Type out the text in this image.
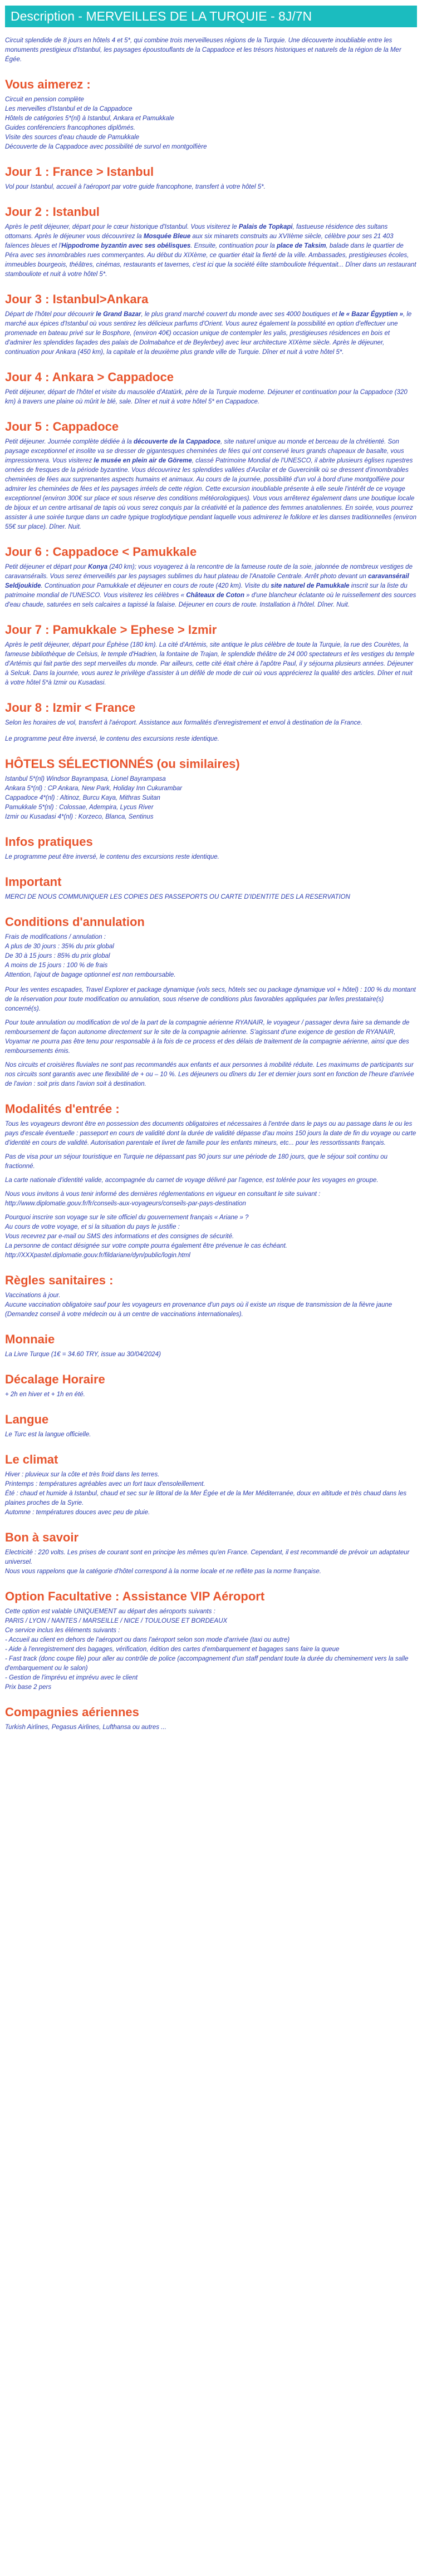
Description - MERVEILLES DE LA TURQUIE - 8J/7N

Circuit splendide de 8 jours en hôtels 4 et 5*, qui combine trois merveilleuses régions de la Turquie. Une découverte inoubliable entre les monuments prestigieux d'Istanbul, les paysages époustouflants de la Cappadoce et les trésors historiques et naturels de la région de la Mer Égée.

Vous aimerez :
Circuit en pension complète
Les merveilles d'Istanbul et de la Cappadoce
Hôtels de catégories 5*(nl) à Istanbul, Ankara et Pamukkale
Guides conférenciers francophones diplômés.
Visite des sources d'eau chaude de Pamukkale
Découverte de la Cappadoce avec possibilité de survol en montgolfière
Jour 1 : France > Istanbul

Vol pour Istanbul, accueil à l'aéroport par votre guide francophone, transfert à votre hôtel 5*.

Jour 2 : Istanbul

Après le petit déjeuner, départ pour le cœur historique d'Istanbul. Vous visiterez le Palais de Topkapi, fastueuse résidence des sultans ottomans. Après le déjeuner vous découvrirez la Mosquée Bleue aux six minarets construits au XVIIème siècle, célèbre pour ses 21 403 faïences bleues et l'Hippodrome byzantin avec ses obélisques. Ensuite, continuation pour la place de Taksim, balade dans le quartier de Péra avec ses innombrables rues commerçantes. Au début du XIXème, ce quartier était la fierté de la ville. Ambassades, prestigieuses écoles, immeubles bourgeois, théâtres, cinémas, restaurants et tavernes, c'est ici que la société élite stambouliote fréquentait... Dîner dans un restaurant stambouliote et nuit à votre hôtel 5*.

Jour 3 : Istanbul>Ankara

Départ de l'hôtel pour découvrir le Grand Bazar, le plus grand marché couvert du monde avec ses 4000 boutiques et le « Bazar Égyptien », le marché aux épices d'Istanbul où vous sentirez les délicieux parfums d'Orient. Vous aurez également la possibilité en option d'effectuer une promenade en bateau privé sur le Bosphore, (environ 40€) occasion unique de contempler les yalis, prestigieuses résidences en bois et d'admirer les splendides façades des palais de Dolmabahce et de Beylerbey) avec leur architecture XIXème siècle. Après le déjeuner, continuation pour Ankara (450 km), la capitale et la deuxième plus grande ville de Turquie. Dîner et nuit à votre hôtel 5*.

Jour 4 : Ankara > Cappadoce

Petit déjeuner, départ de l'hôtel et visite du mausolée d'Atatürk, père de la Turquie moderne. Déjeuner et continuation pour la Cappadoce (320 km) à travers une plaine où mûrit le blé, sale. Dîner et nuit à votre hôtel 5* en Cappadoce.

Jour 5 : Cappadoce

Petit déjeuner. Journée complète dédiée à la découverte de la Cappadoce, site naturel unique au monde et berceau de la chrétienté. Son paysage exceptionnel et insolite va se dresser de gigantesques cheminées de fées qui ont conservé leurs grands chapeaux de basalte, vous impressionnera. Vous visiterez le musée en plein air de Göreme, classé Patrimoine Mondial de l'UNESCO, il abrite plusieurs églises rupestres ornées de fresques de la période byzantine. Vous découvrirez les splendides vallées d'Avcilar et de Guvercinlik où se dressent d'innombrables cheminées de fées aux surprenantes aspects humains et animaux. Au cours de la journée, possibilité d'un vol à bord d'une montgolfière pour admirer les cheminées de fées et les paysages irréels de cette région. Cette excursion inoubliable présente à elle seule l'intérêt de ce voyage exceptionnel (environ 300€ sur place et sous réserve des conditions météorologiques). Vous vous arrêterez également dans une boutique locale de bijoux et un centre artisanal de tapis où vous serez conquis par la créativité et la patience des femmes anatoliennes. En soirée, vous pourrez assister à une soirée turque dans un cadre typique troglodytique pendant laquelle vous admirerez le folklore et les danses traditionnelles (environ 55€ sur place). Dîner. Nuit.

Jour 6 : Cappadoce < Pamukkale

Petit déjeuner et départ pour Konya (240 km); vous voyagerez à la rencontre de la fameuse route de la soie, jalonnée de nombreux vestiges de caravansérails. Vous serez émerveillés par les paysages sublimes du haut plateau de l'Anatolie Centrale. Arrêt photo devant un caravansérail Seldjoukide. Continuation pour Pamukkale et déjeuner en cours de route (420 km). Visite du site naturel de Pamukkale inscrit sur la liste du patrimoine mondial de l'UNESCO. Vous visiterez les célèbres « Châteaux de Coton » d'une blancheur éclatante où le ruissellement des sources d'eau chaude, saturées en sels calcaires a tapissé la falaise. Déjeuner en cours de route. Installation à l'hôtel. Dîner. Nuit.

Jour 7 : Pamukkale > Ephese > Izmir

Après le petit déjeuner, départ pour Éphèse (180 km). La cité d'Artémis, site antique le plus célèbre de toute la Turquie, la rue des Courètes, la fameuse bibliothèque de Celsius, le temple d'Hadrien, la fontaine de Trajan, le splendide théâtre de 24 000 spectateurs et les vestiges du temple d'Artémis qui fait partie des sept merveilles du monde. Par ailleurs, cette cité était chère à l'apôtre Paul, il y séjourna plusieurs années. Déjeuner à Selcuk. Dans la journée, vous aurez le privilège d'assister à un défilé de mode de cuir où vous apprécierez la qualité des articles. Dîner et nuit à votre hôtel 5*à Izmir ou Kusadasi.

Jour 8 : Izmir < France

Selon les horaires de vol, transfert à l'aéroport. Assistance aux formalités d'enregistrement et envol à destination de la France.

Le programme peut être inversé, le contenu des excursions reste identique.

HÔTELS SÉLECTIONNÉS (ou similaires)
Istanbul 5*(nl) Windsor Bayrampasa, Lionel Bayrampasa
Ankara 5*(nl) : CP Ankara, New Park, Holiday Inn Cukurambar
Cappadoce 4*(nl) : Altinoz, Burcu Kaya, Mithras Suitan
Pamukkale 5*(nl) : Colossae, Adempira, Lycus River
Izmir ou Kusadasi 4*(nl) : Korzeco, Blanca, Sentinus
Infos pratiques

Le programme peut être inversé, le contenu des excursions reste identique.

Important

MERCI DE NOUS COMMUNIQUER LES COPIES DES PASSEPORTS OU CARTE D'IDENTITE DES LA RESERVATION

Conditions d'annulation
Frais de modifications / annulation :
A plus de 30 jours : 35% du prix global
De 30 à 15 jours : 85% du prix global
A moins de 15 jours : 100 % de frais
Attention, l'ajout de bagage optionnel est non remboursable.

Pour les ventes escapades, Travel Explorer et package dynamique (vols secs, hôtels sec ou package dynamique vol + hôtel) : 100 % du montant de la réservation pour toute modification ou annulation, sous réserve de conditions plus favorables appliquées par le/les prestataire(s) concerné(s).

Pour toute annulation ou modification de vol de la part de la compagnie aérienne RYANAIR, le voyageur / passager devra faire sa demande de remboursement de façon autonome directement sur le site de la compagnie aérienne. S'agissant d'une exigence de gestion de RYANAIR, Voyamar ne pourra pas être tenu pour responsable à la fois de ce process et des délais de traitement de la compagnie aérienne, ainsi que des remboursements émis.

Nos circuits et croisières fluviales ne sont pas recommandés aux enfants et aux personnes à mobilité réduite. Les maximums de participants sur nos circuits sont garantis avec une flexibilité de + ou – 10 %. Les déjeuners ou dîners du 1er et dernier jours sont en fonction de l'heure d'arrivée de l'avion : soit pris dans l'avion soit à destination.

Modalités d'entrée :

Tous les voyageurs devront être en possession des documents obligatoires et nécessaires à l'entrée dans le pays ou au passage dans le ou les pays d'escale éventuelle : passeport en cours de validité dont la durée de validité dépasse d'au moins 150 jours la date de fin du voyage ou carte d'identité en cours de validité. Autorisation parentale et livret de famille pour les enfants mineurs, etc... pour les ressortissants français.

Pas de visa pour un séjour touristique en Turquie ne dépassant pas 90 jours sur une période de 180 jours, que le séjour soit continu ou fractionné.

La carte nationale d'identité valide, accompagnée du carnet de voyage délivré par l'agence, est tolérée pour les voyages en groupe.

Nous vous invitons à vous tenir informé des dernières réglementations en vigueur en consultant le site suivant : http://www.diplomatie.gouv.fr/fr/conseils-aux-voyageurs/conseils-par-pays-destination

Pourquoi inscrire son voyage sur le site officiel du gouvernement français « Ariane » ?
Au cours de votre voyage, et si la situation du pays le justifie :
Vous recevrez par e-mail ou SMS des informations et des consignes de sécurité.
La personne de contact désignée sur votre compte pourra également être prévenue le cas échéant.
http://XXXpastel.diplomatie.gouv.fr/fildariane/dyn/public/login.html
Règles sanitaires :
Vaccinations à jour.
Aucune vaccination obligatoire sauf pour les voyageurs en provenance d'un pays où il existe un risque de transmission de la fièvre jaune (Demandez conseil à votre médecin ou à un centre de vaccinations internationales).
Monnaie

La Livre Turque (1€ = 34.60 TRY, issue au 30/04/2024)

Décalage Horaire

+ 2h en hiver et + 1h en été.

Langue

Le Turc est la langue officielle.

Le climat
Hiver : pluvieux sur la côte et très froid dans les terres.
Printemps : températures agréables avec un fort taux d'ensoleillement.
Été : chaud et humide à Istanbul, chaud et sec sur le littoral de la Mer Égée et de la Mer Méditerranée, doux en altitude et très chaud dans les plaines proches de la Syrie.
Automne : températures douces avec peu de pluie.
Bon à savoir
Electricité : 220 volts. Les prises de courant sont en principe les mêmes qu'en France. Cependant, il est recommandé de prévoir un adaptateur universel.
Nous vous rappelons que la catégorie d'hôtel correspond à la norme locale et ne reflète pas la norme française.
Option Facultative : Assistance VIP Aéroport
Cette option est valable UNIQUEMENT au départ des aéroports suivants :
PARIS / LYON / NANTES / MARSEILLE / NICE / TOULOUSE ET BORDEAUX
Ce service inclus les éléments suivants :
- Accueil au client en dehors de l'aéroport ou dans l'aéroport selon son mode d'arrivée (taxi ou autre)
- Aide à l'enregistrement des bagages, vérification, édition des cartes d'embarquement et bagages sans faire la queue
- Fast track (donc coupe file) pour aller au contrôle de police (accompagnement d'un staff pendant toute la durée du cheminement vers la salle d'embarquement ou le salon)
- Gestion de l'imprévu et imprévu avec le client
Prix base 2 pers
Compagnies aériennes

Turkish Airlines, Pegasus Airlines, Lufthansa ou autres ...
